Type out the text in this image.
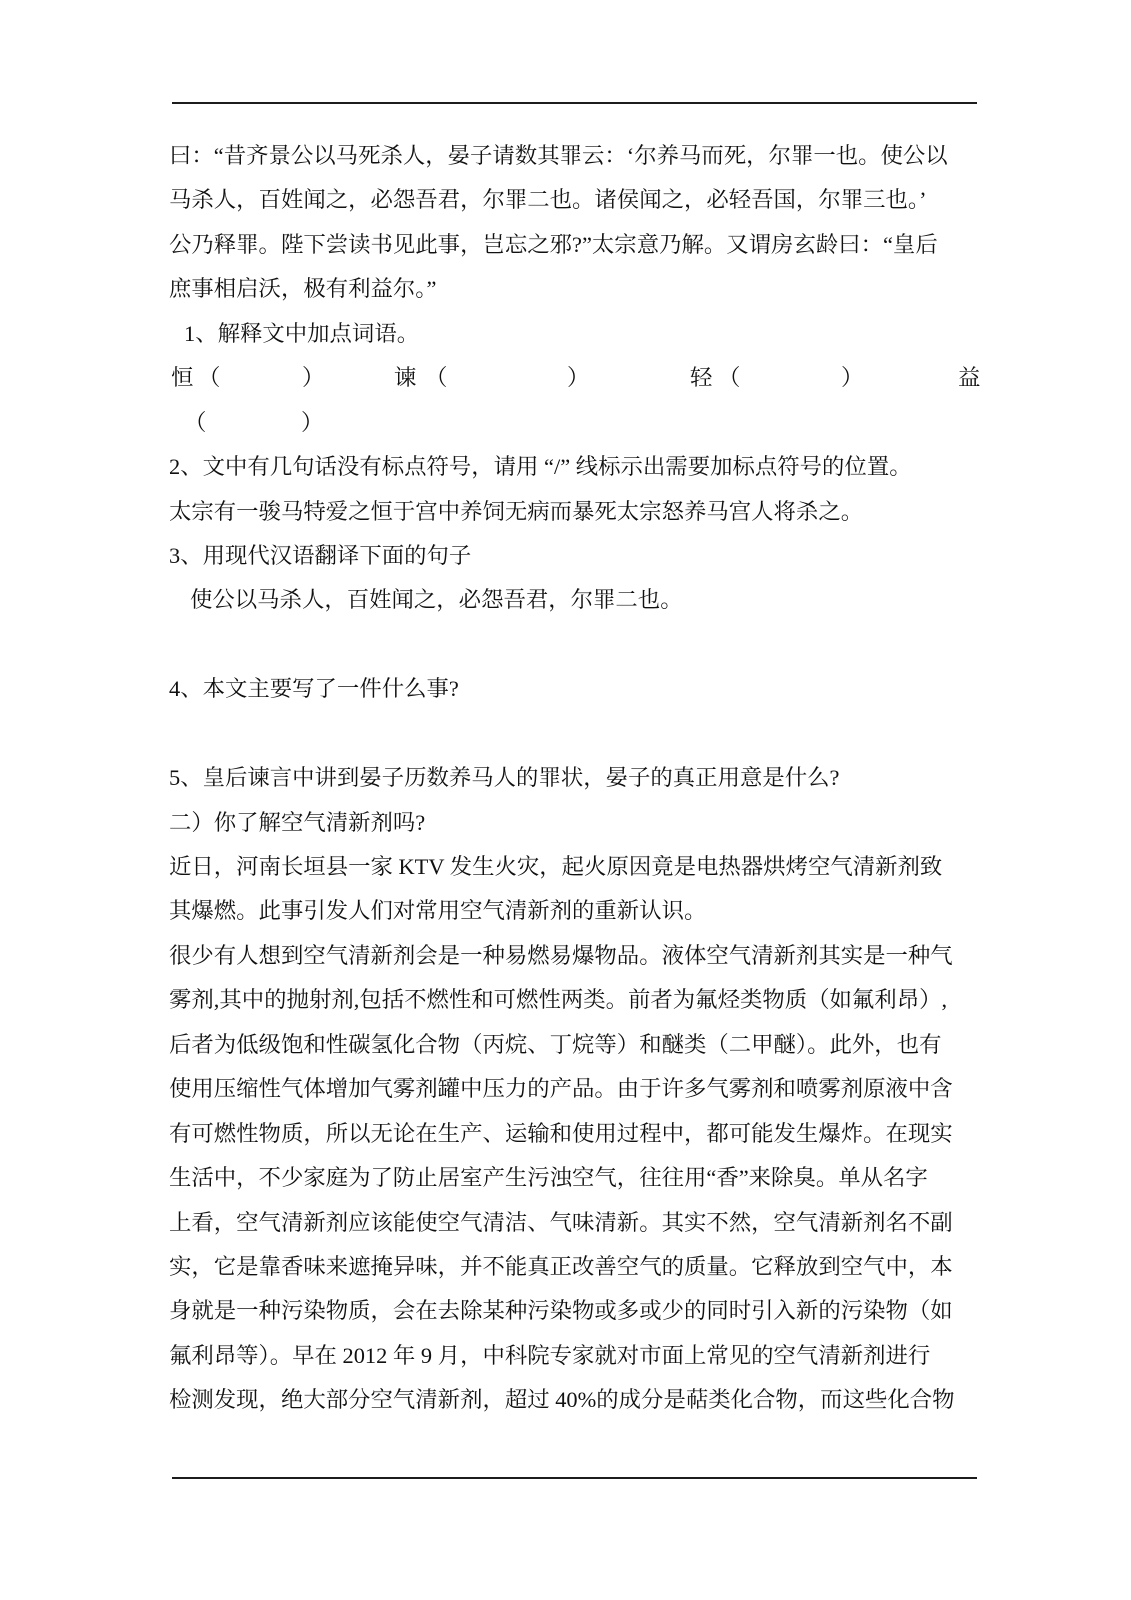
曰：“昔齐景公以马死杀人，晏子请数其罪云：‘尔养马而死，尔罪一也。使公以
马杀人，百姓闻之，必怨吾君，尔罪二也。诸侯闻之，必轻吾国，尔罪三也。’
公乃释罪。陛下尝读书见此事，岂忘之邪?”太宗意乃解。又谓房玄龄曰：“皇后
庶事相启沃，极有利益尔。”
1、解释文中加点词语。

恒

（

	）

	谏

（

	）

	轻

（

	）

	益

（

	）

2、文中有几句话没有标点符号，请用 “/” 线标示出需要加标点符号的位置。
太宗有一骏马特爱之恒于宫中养饲无病而暴死太宗怒养马宫人将杀之。
3、用现代汉语翻译下面的句子
使公以马杀人，百姓闻之，必怨吾君，尔罪二也。
4、本文主要写了一件什么事?
5、皇后谏言中讲到晏子历数养马人的罪状，晏子的真正用意是什么?
二）你了解空气清新剂吗?
近日，河南长垣县一家 KTV 发生火灾，起火原因竟是电热器烘烤空气清新剂致
其爆燃。此事引发人们对常用空气清新剂的重新认识。
很少有人想到空气清新剂会是一种易燃易爆物品。液体空气清新剂其实是一种气
雾剂,其中的抛射剂,包括不燃性和可燃性两类。前者为氟烃类物质（如氟利昂）,
后者为低级饱和性碳氢化合物（丙烷、丁烷等）和醚类（二甲醚）。此外，也有
使用压缩性气体增加气雾剂罐中压力的产品。由于许多气雾剂和喷雾剂原液中含
有可燃性物质，所以无论在生产、运输和使用过程中，都可能发生爆炸。在现实
生活中，不少家庭为了防止居室产生污浊空气，往往用“香”来除臭。单从名字
上看，空气清新剂应该能使空气清洁、气味清新。其实不然，空气清新剂名不副
实，它是靠香味来遮掩异味，并不能真正改善空气的质量。它释放到空气中，本
身就是一种污染物质，会在去除某种污染物或多或少的同时引入新的污染物（如
氟利昂等）。早在 2012 年 9 月，中科院专家就对市面上常见的空气清新剂进行
检测发现，绝大部分空气清新剂，超过 40%的成分是萜类化合物，而这些化合物
